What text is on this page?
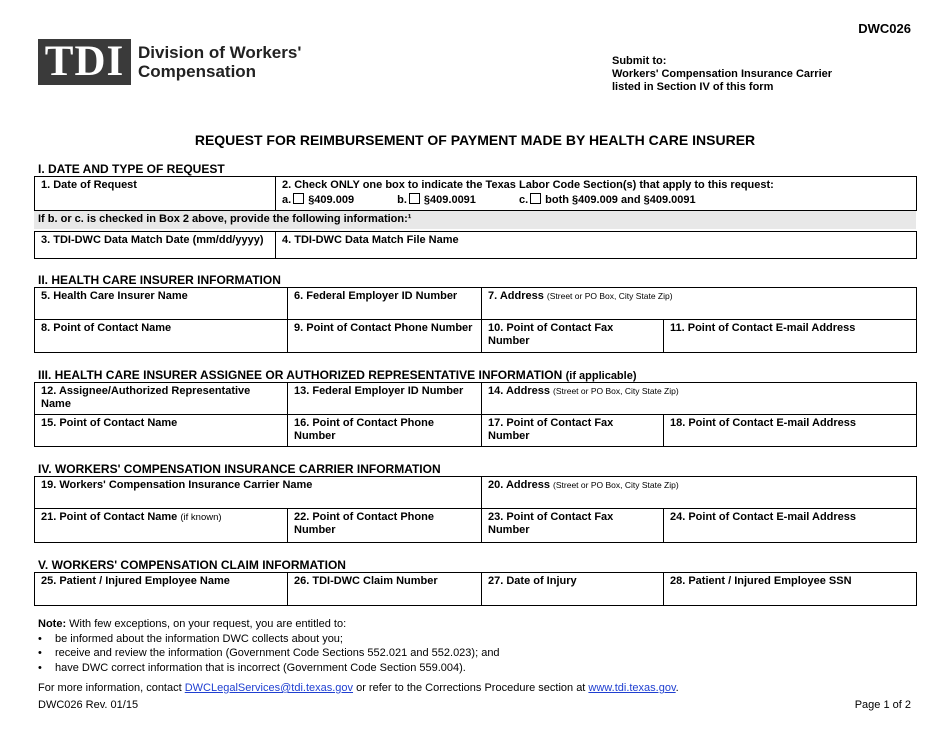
TDI Division of Workers'
Compensation
DWC026
Submit to:
Workers' Compensation Insurance Carrier
listed in Section IV of this form
REQUEST FOR REIMBURSEMENT OF PAYMENT MADE BY HEALTH CARE INSURER
I. DATE AND TYPE OF REQUEST
1. Date of Request	2. Check ONLY one box to indicate the Texas Labor Code Section(s) that apply to this request:
a. §409.009	b. §409.0091	c. both §409.009 and §409.0091
If b. or c. is checked in Box 2 above, provide the following information:¹
3. TDI-DWC Data Match Date (mm/dd/yyyy)	4. TDI-DWC Data Match File Name
II. HEALTH CARE INSURER INFORMATION
5. Health Care Insurer Name	6. Federal Employer ID Number	7. Address (Street or PO Box, City State Zip)	
8. Point of Contact Name	9. Point of Contact Phone Number	10. Point of Contact Fax Number	11. Point of Contact E-mail Address
III. HEALTH CARE INSURER ASSIGNEE OR AUTHORIZED REPRESENTATIVE INFORMATION (if applicable)
12. Assignee/Authorized Representative Name	13. Federal Employer ID Number	14. Address (Street or PO Box, City State Zip)	
15. Point of Contact Name	16. Point of Contact Phone Number	17. Point of Contact Fax Number	18. Point of Contact E-mail Address
IV. WORKERS' COMPENSATION INSURANCE CARRIER INFORMATION
19. Workers' Compensation Insurance Carrier Name		20. Address (Street or PO Box, City State Zip)	
21. Point of Contact Name (if known)	22. Point of Contact Phone Number	23. Point of Contact Fax Number	24. Point of Contact E-mail Address
V. WORKERS' COMPENSATION CLAIM INFORMATION
25. Patient / Injured Employee Name	26. TDI-DWC Claim Number	27. Date of Injury	28. Patient / Injured Employee SSN
Note: With few exceptions, on your request, you are entitled to:
• be informed about the information DWC collects about you;
• receive and review the information (Government Code Sections 552.021 and 552.023); and
• have DWC correct information that is incorrect (Government Code Section 559.004).
For more information, contact DWCLegalServices@tdi.texas.gov or refer to the Corrections Procedure section at www.tdi.texas.gov.
DWC026 Rev. 01/15	Page 1 of 2
